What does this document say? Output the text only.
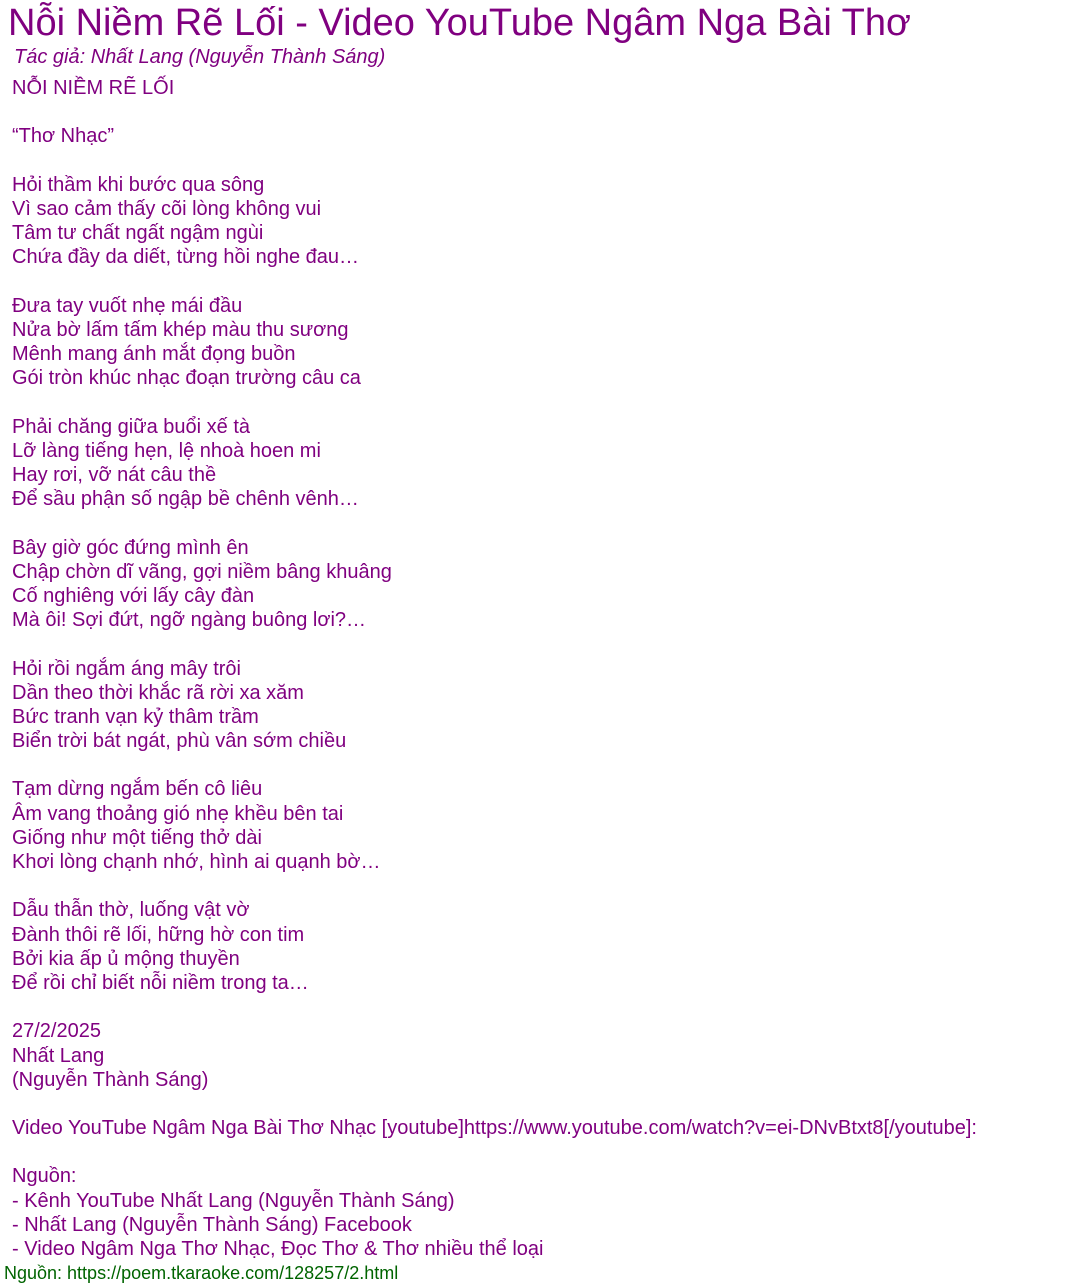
Nỗi Niềm Rẽ Lối - Video YouTube Ngâm Nga Bài Thơ
Tác giả: Nhất Lang (Nguyễn Thành Sáng)
NỖI NIỀM RẼ LỐI
“Thơ Nhạc”
Hỏi thầm khi bước qua sông
Vì sao cảm thấy cõi lòng không vui
Tâm tư chất ngất ngậm ngùi
Chứa đầy da diết, từng hồi nghe đau…
Đưa tay vuốt nhẹ mái đầu
Nửa bờ lấm tấm khép màu thu sương
Mênh mang ánh mắt đọng buồn
Gói tròn khúc nhạc đoạn trường câu ca
Phải chăng giữa buổi xế tà
Lỡ làng tiếng hẹn, lệ nhoà hoen mi
Hay rơi, vỡ nát câu thề
Để sầu phận số ngập bề chênh vênh…
Bây giờ góc đứng mình ên
Chập chờn dĩ vãng, gợi niềm bâng khuâng
Cố nghiêng với lấy cây đàn
Mà ôi! Sợi đứt, ngỡ ngàng buông lơi?…
Hỏi rồi ngắm áng mây trôi
Dần theo thời khắc rã rời xa xăm
Bức tranh vạn kỷ thâm trầm
Biển trời bát ngát, phù vân sớm chiều
Tạm dừng ngắm bến cô liêu
Âm vang thoảng gió nhẹ khều bên tai
Giống như một tiếng thở dài
Khơi lòng chạnh nhớ, hình ai quạnh bờ…
Dẫu thẫn thờ, luống vật vờ
Đành thôi rẽ lối, hững hờ con tim
Bởi kia ấp ủ mộng thuyền
Để rồi chỉ biết nỗi niềm trong ta…
27/2/2025
Nhất Lang
(Nguyễn Thành Sáng)
Video YouTube Ngâm Nga Bài Thơ Nhạc [youtube]https://www.youtube.com/watch?v=ei-DNvBtxt8[/youtube]:
Nguồn:
- Kênh YouTube Nhất Lang (Nguyễn Thành Sáng)
- Nhất Lang (Nguyễn Thành Sáng) Facebook
- Video Ngâm Nga Thơ Nhạc, Đọc Thơ & Thơ nhiều thể loại
Nguồn: https://poem.tkaraoke.com/128257/2.html
